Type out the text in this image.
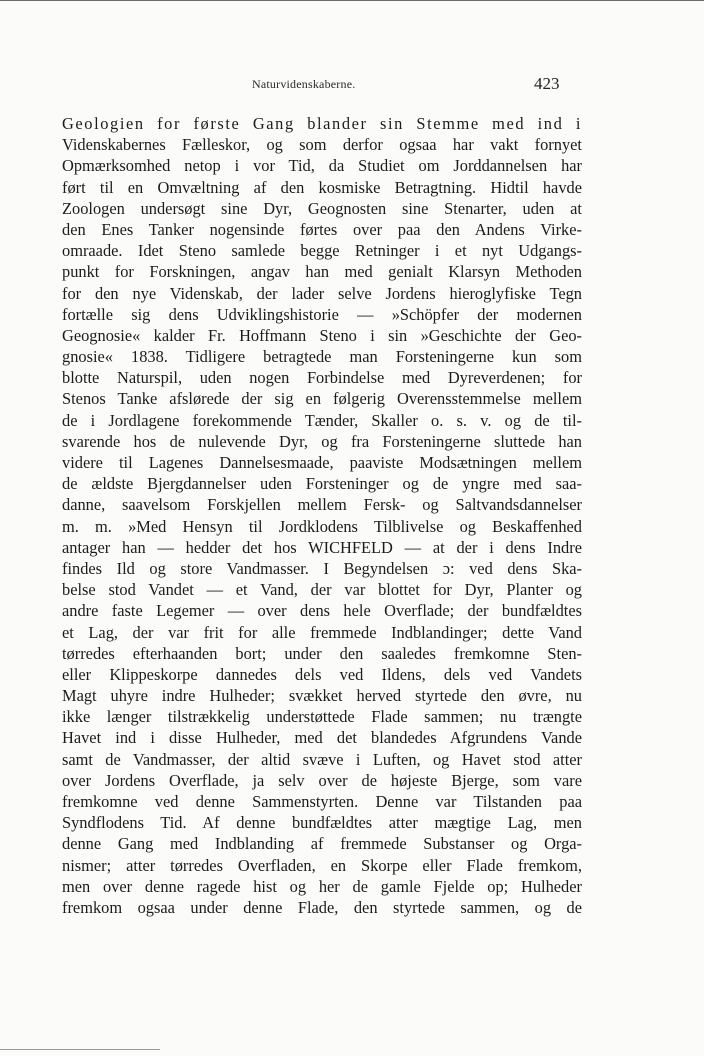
Naturvidenskaberne.	423
Geologien for første Gang blander sin Stemme med ind i
Videnskabernes Fælleskor, og som derfor ogsaa har vakt fornyet
Opmærksomhed netop i vor Tid, da Studiet om Jorddannelsen har
ført til en Omvæltning af den kosmiske Betragtning. Hidtil havde
Zoologen undersøgt sine Dyr, Geognosten sine Stenarter, uden at
den Enes Tanker nogensinde førtes over paa den Andens Virke-
omraade. Idet Steno samlede begge Retninger i et nyt Udgangs-
punkt for Forskningen, angav han med genialt Klarsyn Methoden
for den nye Videnskab, der lader selve Jordens hieroglyfiske Tegn
fortælle sig dens Udviklingshistorie — »Schöpfer der modernen
Geognosie« kalder Fr. Hoffmann Steno i sin »Geschichte der Geo-
gnosie« 1838. Tidligere betragtede man Forsteningerne kun som
blotte Naturspil, uden nogen Forbindelse med Dyreverdenen; for
Stenos Tanke afslørede der sig en følgerig Overensstemmelse mellem
de i Jordlagene forekommende Tænder, Skaller o. s. v. og de til-
svarende hos de nulevende Dyr, og fra Forsteningerne sluttede han
videre til Lagenes Dannelsesmaade, paaviste Modsætningen mellem
de ældste Bjergdannelser uden Forsteninger og de yngre med saa-
danne, saavelsom Forskjellen mellem Fersk- og Saltvandsdannelser
m. m. »Med Hensyn til Jordklodens Tilblivelse og Beskaffenhed
antager han — hedder det hos WICHFELD — at der i dens Indre
findes Ild og store Vandmasser. I Begyndelsen ɔ: ved dens Ska-
belse stod Vandet — et Vand, der var blottet for Dyr, Planter og
andre faste Legemer — over dens hele Overflade; der bundfældtes
et Lag, der var frit for alle fremmede Indblandinger; dette Vand
tørredes efterhaanden bort; under den saaledes fremkomne Sten-
eller Klippeskorpe dannedes dels ved Ildens, dels ved Vandets
Magt uhyre indre Hulheder; svækket herved styrtede den øvre, nu
ikke længer tilstrækkelig understøttede Flade sammen; nu trængte
Havet ind i disse Hulheder, med det blandedes Afgrundens Vande
samt de Vandmasser, der altid svæve i Luften, og Havet stod atter
over Jordens Overflade, ja selv over de højeste Bjerge, som vare
fremkomne ved denne Sammenstyrten. Denne var Tilstanden paa
Syndflodens Tid. Af denne bundfældtes atter mægtige Lag, men
denne Gang med Indblanding af fremmede Substanser og Orga-
nismer; atter tørredes Overfladen, en Skorpe eller Flade fremkom,
men over denne ragede hist og her de gamle Fjelde op; Hulheder
fremkom ogsaa under denne Flade, den styrtede sammen, og de
